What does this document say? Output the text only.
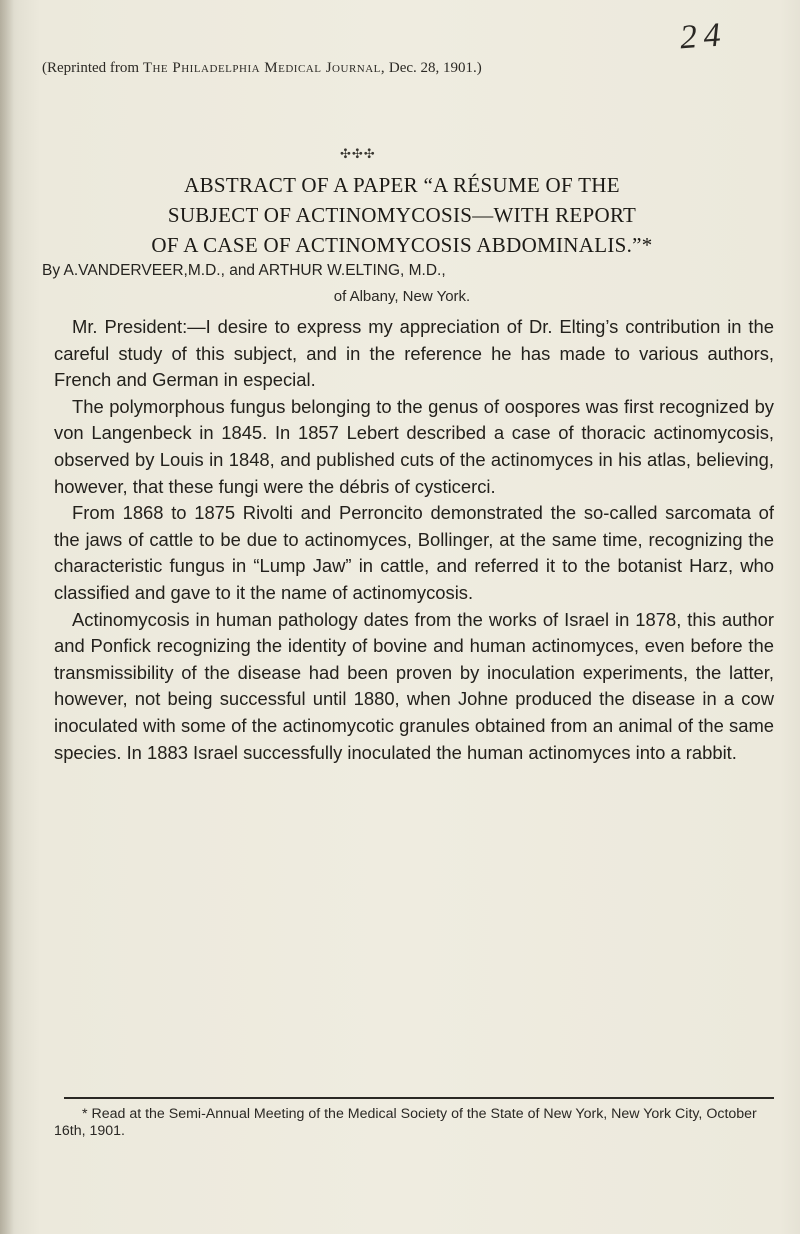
2 4
(Reprinted from The Philadelphia Medical Journal, Dec. 28, 1901.)
✣✣✣
ABSTRACT OF A PAPER “A RÉSUME OF THE
SUBJECT OF ACTINOMYCOSIS—WITH REPORT
OF A CASE OF ACTINOMYCOSIS ABDOMINALIS.”*
By A.VANDERVEER,M.D., and ARTHUR W.ELTING, M.D.,
of Albany, New York.

Mr. President:—I desire to express my appreciation of Dr. Elting’s contribution in the careful study of this subject, and in the reference he has made to various authors, French and German in especial.

The polymorphous fungus belonging to the genus of oospores was first recognized by von Langenbeck in 1845. In 1857 Lebert described a case of thoracic actinomycosis, observed by Louis in 1848, and published cuts of the actinomyces in his atlas, believing, however, that these fungi were the débris of cysticerci.

From 1868 to 1875 Rivolti and Perroncito demonstrated the so-called sarcomata of the jaws of cattle to be due to actinomyces, Bollinger, at the same time, recognizing the characteristic fungus in “Lump Jaw” in cattle, and referred it to the botanist Harz, who classified and gave to it the name of actinomycosis.

Actinomycosis in human pathology dates from the works of Israel in 1878, this author and Ponfick recognizing the identity of bovine and human actinomyces, even before the transmissibility of the disease had been proven by inoculation experiments, the latter, however, not being successful until 1880, when Johne produced the disease in a cow inoculated with some of the actinomycotic granules obtained from an animal of the same species. In 1883 Israel successfully inoculated the human actinomyces into a rabbit.

* Read at the Semi-Annual Meeting of the Medical Society of the State of New York, New York City, October 16th, 1901.
